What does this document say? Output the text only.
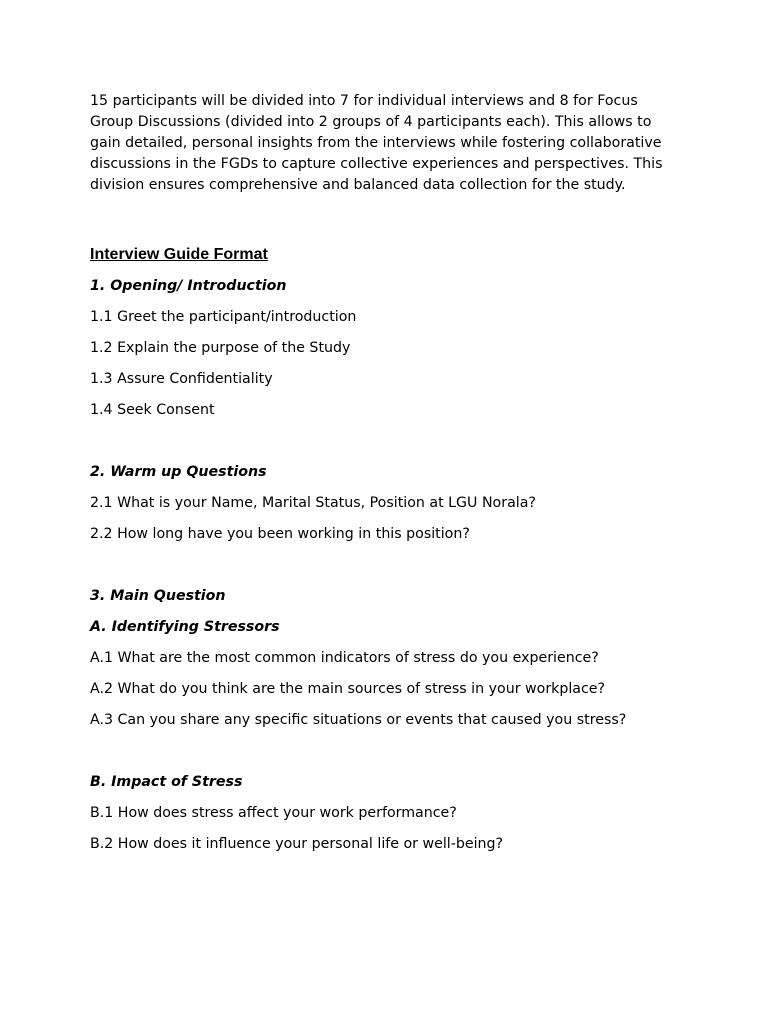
15 participants will be divided into 7 for individual interviews and 8 for Focus Group Discussions (divided into 2 groups of 4 participants each). This allows to gain detailed, personal insights from the interviews while fostering collaborative discussions in the FGDs to capture collective experiences and perspectives. This division ensures comprehensive and balanced data collection for the study.

Interview Guide Format
1. Opening/ Introduction
1.1 Greet the participant/introduction
1.2 Explain the purpose of the Study
1.3 Assure Confidentiality
1.4 Seek Consent
2. Warm up Questions
2.1 What is your Name, Marital Status, Position at LGU Norala?
2.2 How long have you been working in this position?
3. Main Question
A. Identifying Stressors
A.1 What are the most common indicators of stress do you experience?
A.2 What do you think are the main sources of stress in your workplace?
A.3 Can you share any specific situations or events that caused you stress?
B. Impact of Stress
B.1 How does stress affect your work performance?
B.2 How does it influence your personal life or well-being?
